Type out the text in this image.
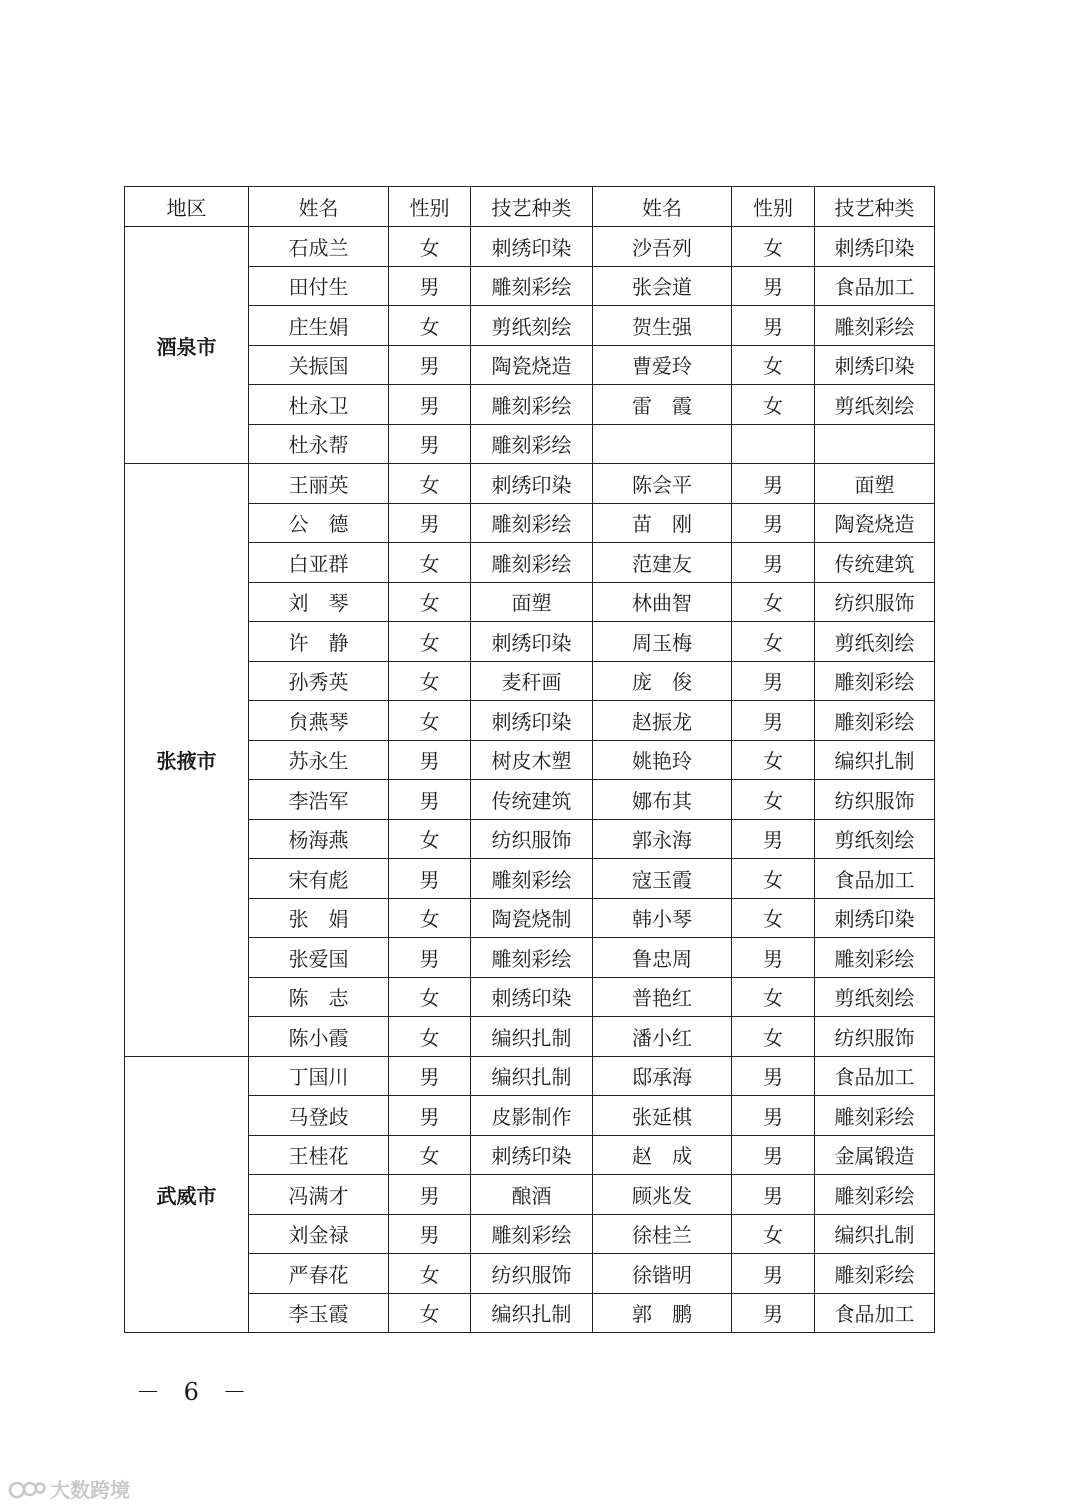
地区	姓名	性别	技艺种类	姓名	性别	技艺种类
酒泉市	石成兰	女	刺绣印染	沙吾列	女	刺绣印染
	田付生	男	雕刻彩绘	张会道	男	食品加工
	庄生娟	女	剪纸刻绘	贺生强	男	雕刻彩绘
	关振国	男	陶瓷烧造	曹爱玲	女	刺绣印染
	杜永卫	男	雕刻彩绘	雷　霞	女	剪纸刻绘
	杜永帮	男	雕刻彩绘			
张掖市	王丽英	女	刺绣印染	陈会平	男	面塑
	公　德	男	雕刻彩绘	苗　刚	男	陶瓷烧造
	白亚群	女	雕刻彩绘	范建友	男	传统建筑
	刘　琴	女	面塑	林曲智	女	纺织服饰
	许　静	女	刺绣印染	周玉梅	女	剪纸刻绘
	孙秀英	女	麦秆画	庞　俊	男	雕刻彩绘
	贠燕琴	女	刺绣印染	赵振龙	男	雕刻彩绘
	苏永生	男	树皮木塑	姚艳玲	女	编织扎制
	李浩军	男	传统建筑	娜布其	女	纺织服饰
	杨海燕	女	纺织服饰	郭永海	男	剪纸刻绘
	宋有彪	男	雕刻彩绘	寇玉霞	女	食品加工
	张　娟	女	陶瓷烧制	韩小琴	女	刺绣印染
	张爱国	男	雕刻彩绘	鲁忠周	男	雕刻彩绘
	陈　志	女	刺绣印染	普艳红	女	剪纸刻绘
	陈小霞	女	编织扎制	潘小红	女	纺织服饰
武威市	丁国川	男	编织扎制	邸承海	男	食品加工
	马登歧	男	皮影制作	张延棋	男	雕刻彩绘
	王桂花	女	刺绣印染	赵　成	男	金属锻造
	冯满才	男	酿酒	顾兆发	男	雕刻彩绘
	刘金禄	男	雕刻彩绘	徐桂兰	女	编织扎制
	严春花	女	纺织服饰	徐锴明	男	雕刻彩绘
	李玉霞	女	编织扎制	郭　鹏	男	食品加工
－ 6 －
大数跨境
